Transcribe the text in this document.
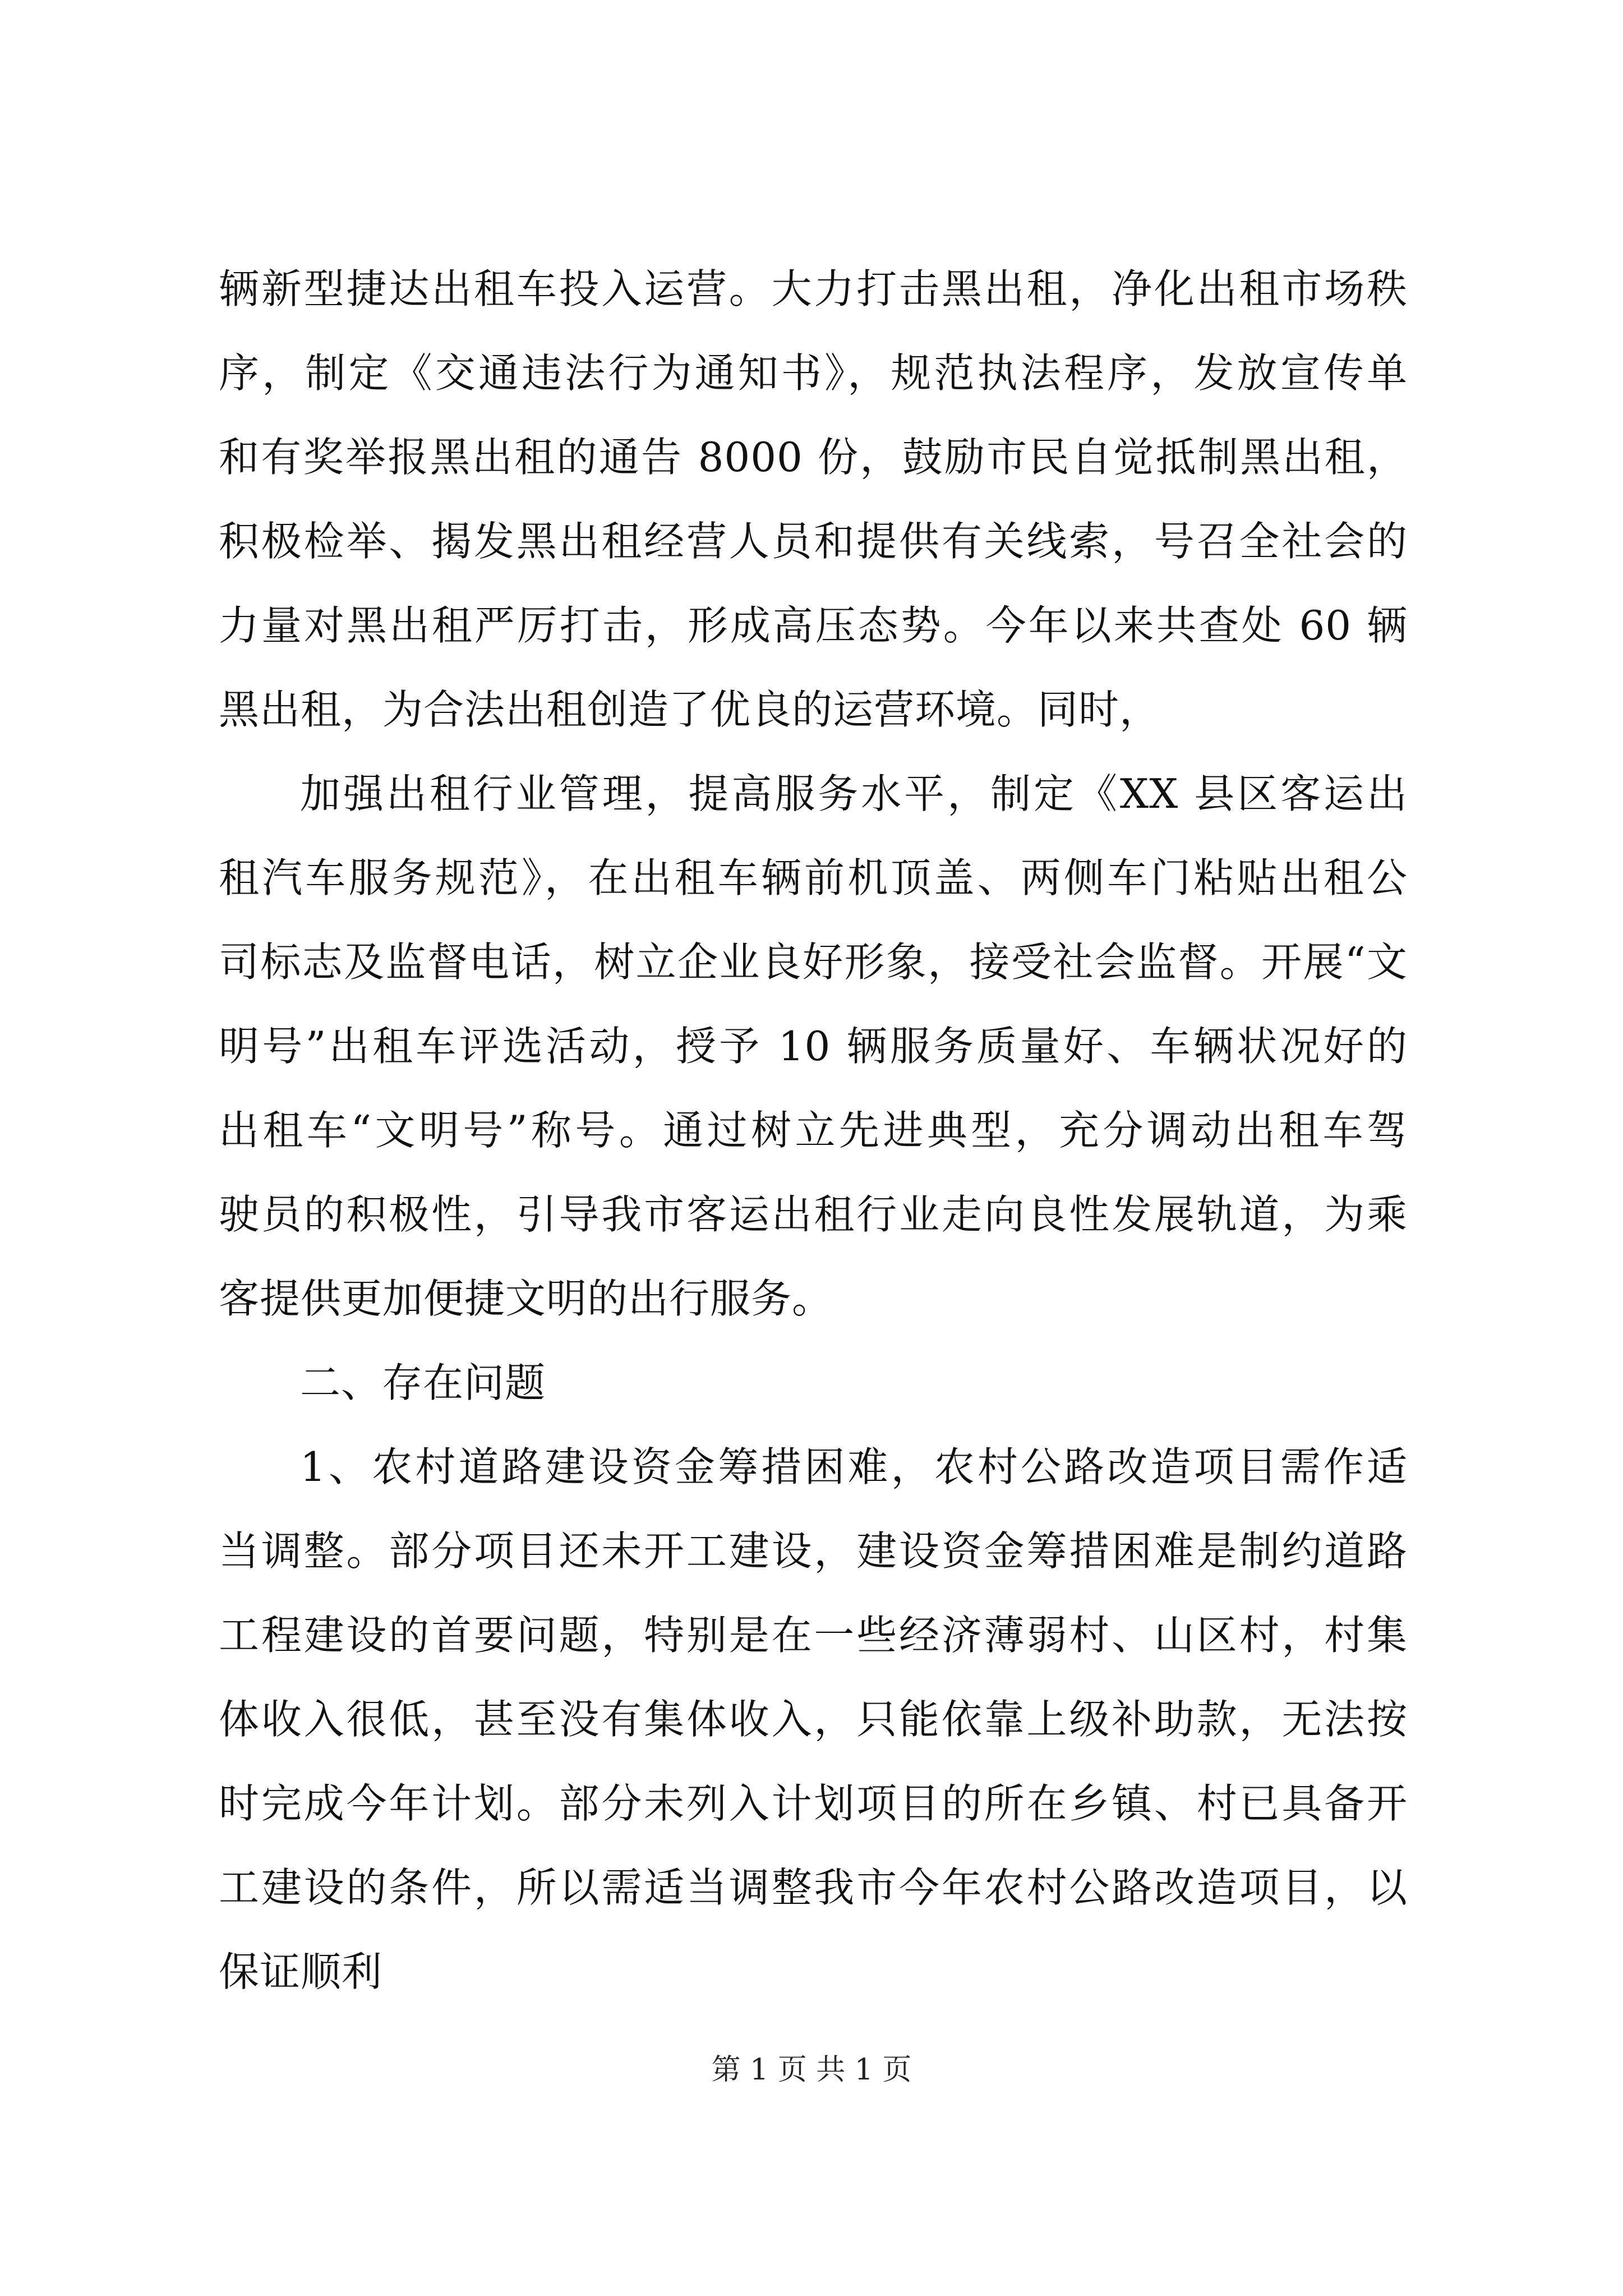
辆新型捷达出租车投入运营。大力打击黑出租，净化出租市场秩
序，制定《交通违法行为通知书》，规范执法程序，发放宣传单
和有奖举报黑出租的通告 8000 份，鼓励市民自觉抵制黑出租，
积极检举、揭发黑出租经营人员和提供有关线索，号召全社会的
力量对黑出租严厉打击，形成高压态势。今年以来共查处 60 辆
黑出租，为合法出租创造了优良的运营环境。同时，
加强出租行业管理，提高服务水平，制定《XX 县区客运出
租汽车服务规范》，在出租车辆前机顶盖、两侧车门粘贴出租公
司标志及监督电话，树立企业良好形象，接受社会监督。开展“文
明号”出租车评选活动，授予 10 辆服务质量好、车辆状况好的
出租车“文明号”称号。通过树立先进典型，充分调动出租车驾
驶员的积极性，引导我市客运出租行业走向良性发展轨道，为乘
客提供更加便捷文明的出行服务。
二、存在问题
1、农村道路建设资金筹措困难，农村公路改造项目需作适
当调整。部分项目还未开工建设，建设资金筹措困难是制约道路
工程建设的首要问题，特别是在一些经济薄弱村、山区村，村集
体收入很低，甚至没有集体收入，只能依靠上级补助款，无法按
时完成今年计划。部分未列入计划项目的所在乡镇、村已具备开
工建设的条件，所以需适当调整我市今年农村公路改造项目，以
第 1 页 共 1 页
保证顺利
